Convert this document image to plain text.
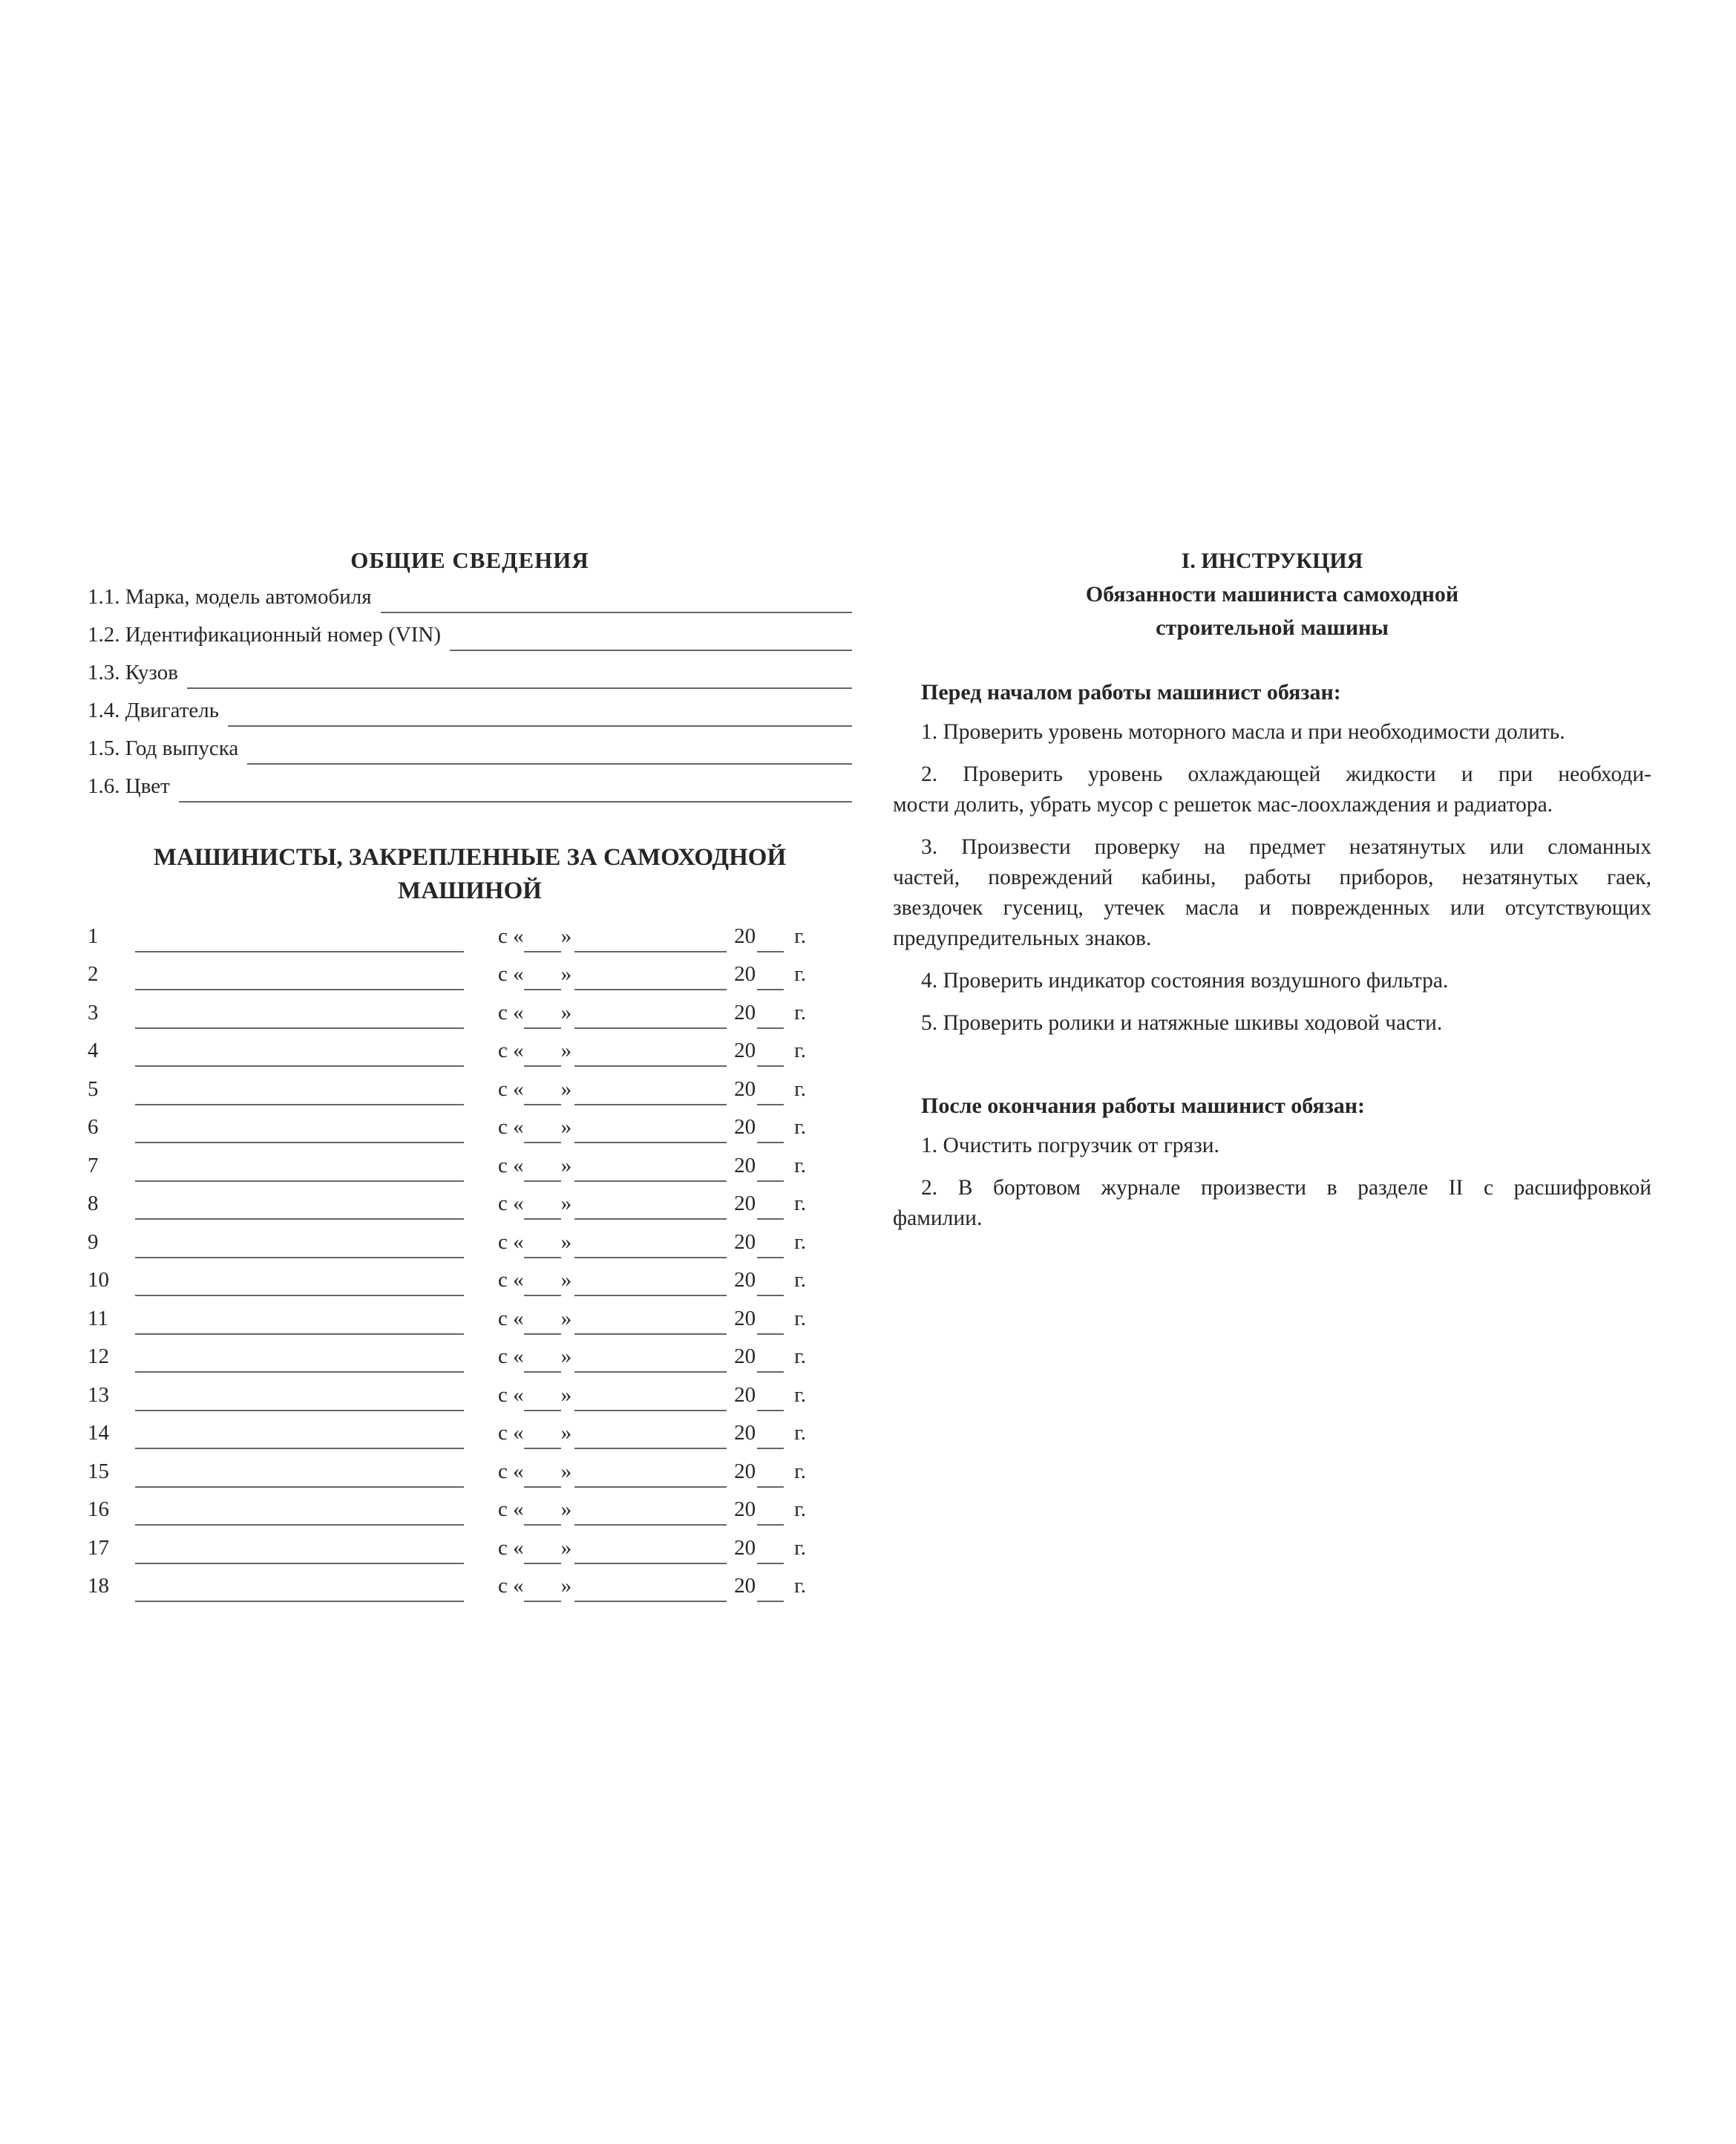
ОБЩИЕ СВЕДЕНИЯ
1.1. Марка, модель автомобиля
1.2. Идентификационный номер (VIN)
1.3. Кузов
1.4. Двигатель
1.5. Год выпуска
1.6. Цвет
МАШИНИСТЫ, ЗАКРЕПЛЕННЫЕ ЗА САМОХОДНОЙ МАШИНОЙ
1	с « »	20 г.
2	с « »	20 г.
3	с « »	20 г.
4	с « »	20 г.
5	с « »	20 г.
6	с « »	20 г.
7	с « »	20 г.
8	с « »	20 г.
9	с « »	20 г.
10	с « »	20 г.
11	с « »	20 г.
12	с « »	20 г.
13	с « »	20 г.
14	с « »	20 г.
15	с « »	20 г.
16	с « »	20 г.
17	с « »	20 г.
18	с « »	20 г.
I. ИНСТРУКЦИЯ
Обязанности машиниста самоходной
строительной машины
Перед началом работы машинист обязан:
1. Проверить уровень моторного масла и при необходимости долить.
2. Проверить уровень охлаждающей жидкости и при необходи-
мости долить, убрать мусор с решеток мас-лоохлаждения и радиатора.
3. Произвести проверку на предмет незатянутых или сломанных
частей, повреждений кабины, работы приборов, незатянутых гаек,
звездочек гусениц, утечек масла и поврежденных или отсутствующих
предупредительных знаков.
4. Проверить индикатор состояния воздушного фильтра.
5. Проверить ролики и натяжные шкивы ходовой части.
После окончания работы машинист обязан:
1. Очистить погрузчик от грязи.
2. В бортовом журнале произвести в разделе II с расшифровкой
фамилии.
